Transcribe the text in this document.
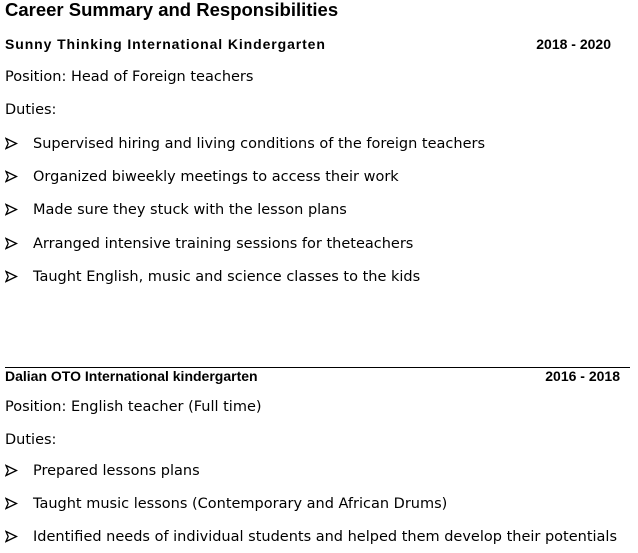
Career Summary and Responsibilities
Sunny Thinking International Kindergarten	2018 - 2020
Position: Head of Foreign teachers
Duties:
Supervised hiring and living conditions of the foreign teachers
Organized biweekly meetings to access their work
Made sure they stuck with the lesson plans
Arranged intensive training sessions for theteachers
Taught English, music and science classes to the kids
Dalian OTO International kindergarten	2016 - 2018
Position: English teacher (Full time)
Duties:
Prepared lessons plans
Taught music lessons (Contemporary and African Drums)
Identified needs of individual students and helped them develop their potentials
